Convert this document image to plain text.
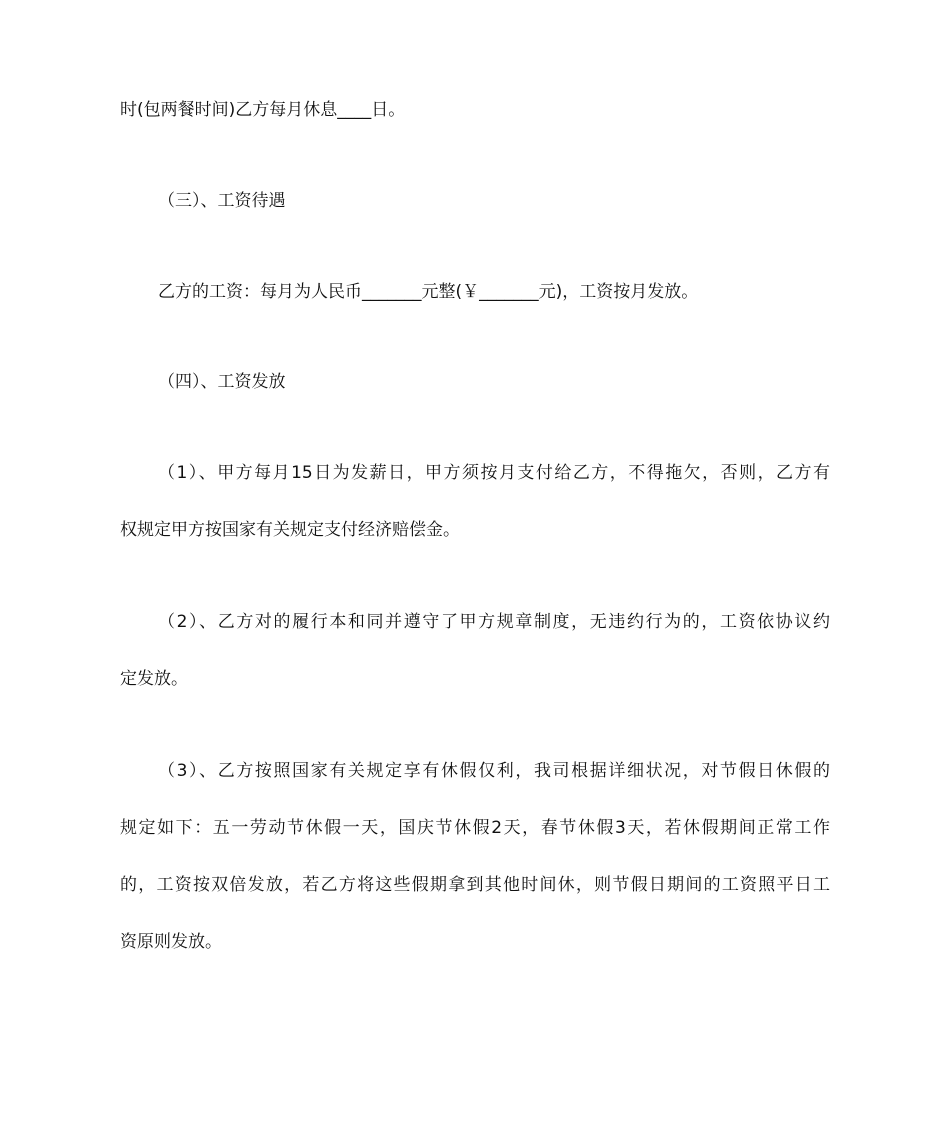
时(包两餐时间)乙方每月休息____日。
（三）、工资待遇
乙方的工资：每月为人民币_______元整(￥_______元)，工资按月发放。
（四）、工资发放
（1）、甲方每月15日为发薪日，甲方须按月支付给乙方，不得拖欠，否则，乙方有
权规定甲方按国家有关规定支付经济赔偿金。
（2）、乙方对的履行本和同并遵守了甲方规章制度，无违约行为的，工资依协议约
定发放。
（3）、乙方按照国家有关规定享有休假仅利，我司根据详细状况，对节假日休假的
规定如下：五一劳动节休假一天，国庆节休假2天，春节休假3天，若休假期间正常工作
的，工资按双倍发放，若乙方将这些假期拿到其他时间休，则节假日期间的工资照平日工
资原则发放。
